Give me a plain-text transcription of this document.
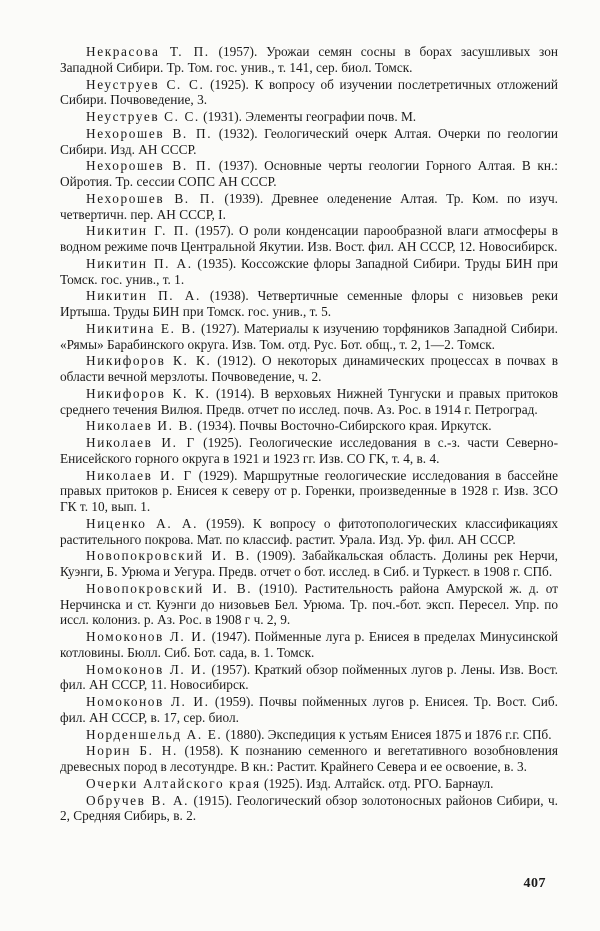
Некрасова Т. П. (1957). Урожаи семян сосны в борах засушливых зон Западной Сибири. Тр. Том. гос. унив., т. 141, сер. биол. Томск.

Неуструев С. С. (1925). К вопросу об изучении послетретичных отложений Сибири. Почвоведение, 3.

Неуструев С. С. (1931). Элементы географии почв. М.

Нехорошев В. П. (1932). Геологический очерк Алтая. Очерки по геологии Сибири. Изд. АН СССР.

Нехорошев В. П. (1937). Основные черты геологии Горного Алтая. В кн.: Ойротия. Тр. сессии СОПС АН СССР.

Нехорошев В. П. (1939). Древнее оледенение Алтая. Тр. Ком. по изуч. четвертичн. пер. АН СССР, I.

Никитин Г. П. (1957). О роли конденсации парообразной влаги атмосферы в водном режиме почв Центральной Якутии. Изв. Вост. фил. АН СССР, 12. Новосибирск.

Никитин П. А. (1935). Коссожские флоры Западной Сибири. Труды БИН при Томск. гос. унив., т. 1.

Никитин П. А. (1938). Четвертичные семенные флоры с низовьев реки Иртыша. Труды БИН при Томск. гос. унив., т. 5.

Никитина Е. В. (1927). Материалы к изучению торфяников Западной Сибири. «Рямы» Барабинского округа. Изв. Том. отд. Рус. Бот. общ., т. 2, 1—2. Томск.

Никифоров К. К. (1912). О некоторых динамических процессах в почвах в области вечной мерзлоты. Почвоведение, ч. 2.

Никифоров К. К. (1914). В верховьях Нижней Тунгуски и правых притоков среднего течения Вилюя. Предв. отчет по исслед. почв. Аз. Рос. в 1914 г. Петроград.

Николаев И. В. (1934). Почвы Восточно-Сибирского края. Иркутск.

Николаев И. Г (1925). Геологические исследования в с.-з. части Северно-Енисейского горного округа в 1921 и 1923 гг. Изв. СО ГК, т. 4, в. 4.

Николаев И. Г (1929). Маршрутные геологические исследования в бассейне правых притоков р. Енисея к северу от р. Горенки, произведенные в 1928 г. Изв. ЗСО ГК т. 10, вып. 1.

Ниценко А. А. (1959). К вопросу о фитотопологических классификациях растительного покрова. Мат. по классиф. растит. Урала. Изд. Ур. фил. АН СССР.

Новопокровский И. В. (1909). Забайкальская область. Долины рек Нерчи, Куэнги, Б. Урюма и Уегура. Предв. отчет о бот. исслед. в Сиб. и Туркест. в 1908 г. СПб.

Новопокровский И. В. (1910). Растительность района Амурской ж. д. от Нерчинска и ст. Куэнги до низовьев Бел. Урюма. Тр. поч.-бот. эксп. Пересел. Упр. по иссл. колониз. р. Аз. Рос. в 1908 г ч. 2, 9.

Номоконов Л. И. (1947). Пойменные луга р. Енисея в пределах Минусинской котловины. Бюлл. Сиб. Бот. сада, в. 1. Томск.

Номоконов Л. И. (1957). Краткий обзор пойменных лугов р. Лены. Изв. Вост. фил. АН СССР, 11. Новосибирск.

Номоконов Л. И. (1959). Почвы пойменных лугов р. Енисея. Тр. Вост. Сиб. фил. АН СССР, в. 17, сер. биол.

Норденшельд А. Е. (1880). Экспедиция к устьям Енисея 1875 и 1876 г.г. СПб.

Норин Б. Н. (1958). К познанию семенного и вегетативного возобновления древесных пород в лесотундре. В кн.: Растит. Крайнего Севера и ее освоение, в. 3.

Очерки Алтайского края (1925). Изд. Алтайск. отд. РГО. Барнаул.

Обручев В. А. (1915). Геологический обзор золотоносных районов Сибири, ч. 2, Средняя Сибирь, в. 2.

407
